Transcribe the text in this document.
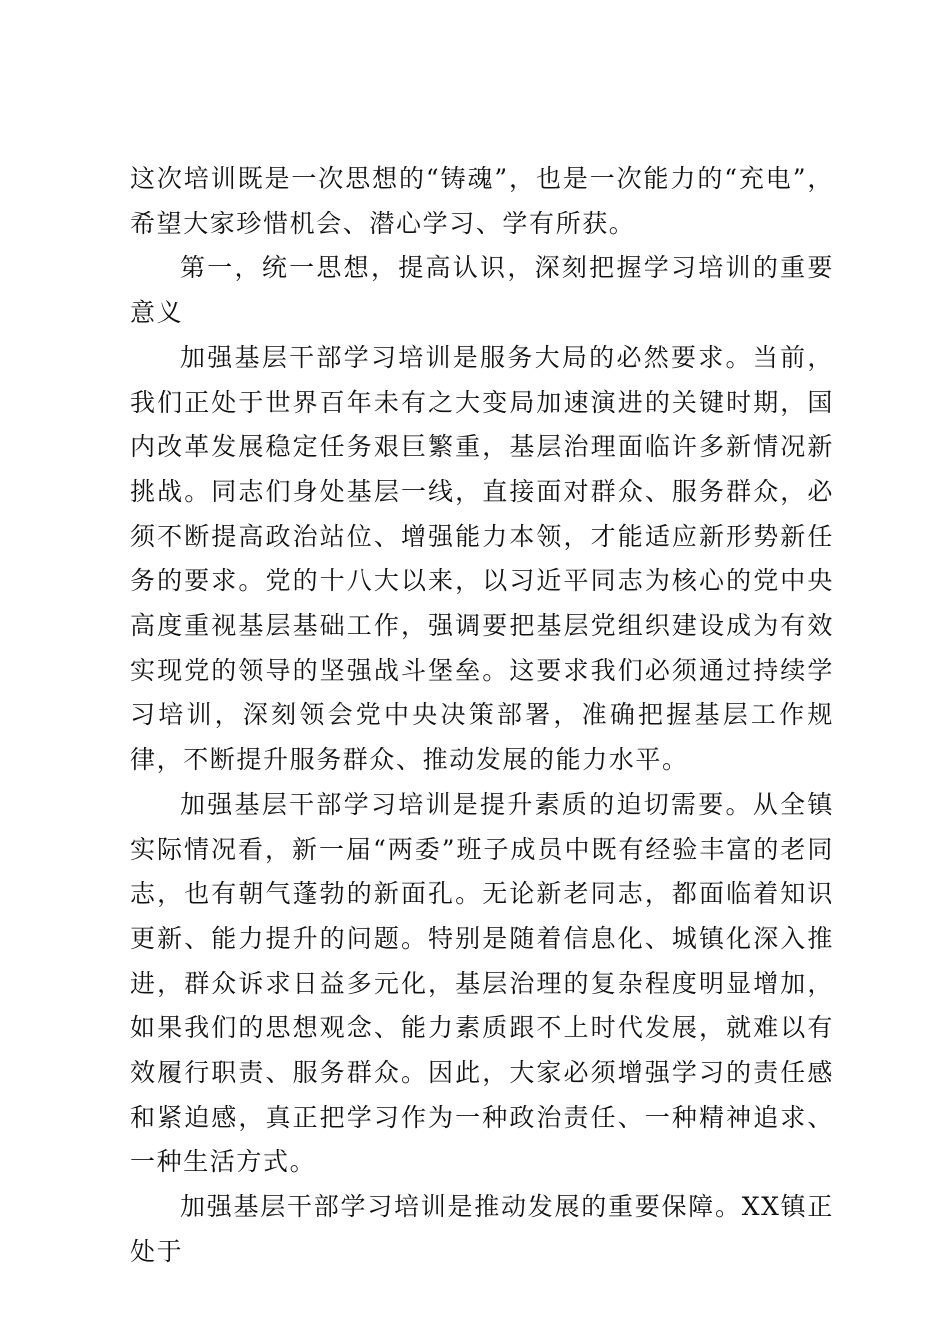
这次培训既是一次思想的“铸魂”，也是一次能力的“充电”，希望大家珍惜机会、潜心学习、学有所获。

第一，统一思想，提高认识，深刻把握学习培训的重要意义

加强基层干部学习培训是服务大局的必然要求。当前，我们正处于世界百年未有之大变局加速演进的关键时期，国内改革发展稳定任务艰巨繁重，基层治理面临许多新情况新挑战。同志们身处基层一线，直接面对群众、服务群众，必须不断提高政治站位、增强能力本领，才能适应新形势新任务的要求。党的十八大以来，以习近平同志为核心的党中央高度重视基层基础工作，强调要把基层党组织建设成为有效实现党的领导的坚强战斗堡垒。这要求我们必须通过持续学习培训，深刻领会党中央决策部署，准确把握基层工作规律，不断提升服务群众、推动发展的能力水平。

加强基层干部学习培训是提升素质的迫切需要。从全镇实际情况看，新一届“两委”班子成员中既有经验丰富的老同志，也有朝气蓬勃的新面孔。无论新老同志，都面临着知识更新、能力提升的问题。特别是随着信息化、城镇化深入推进，群众诉求日益多元化，基层治理的复杂程度明显增加，如果我们的思想观念、能力素质跟不上时代发展，就难以有效履行职责、服务群众。因此，大家必须增强学习的责任感和紧迫感，真正把学习作为一种政治责任、一种精神追求、一种生活方式。

加强基层干部学习培训是推动发展的重要保障。XX镇正处于
